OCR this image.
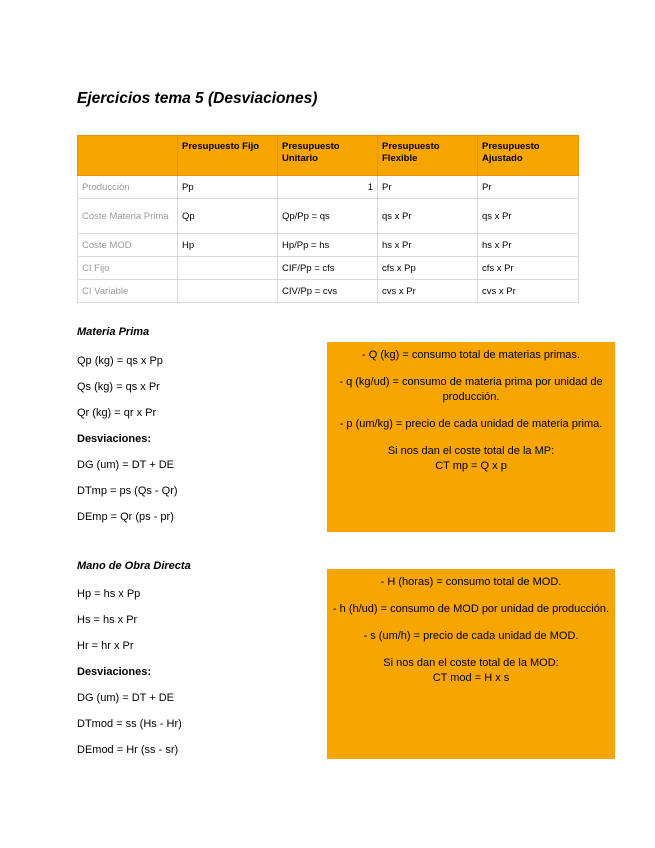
Ejercicios tema 5 (Desviaciones)
	Presupuesto Fijo	Presupuesto Unitario	Presupuesto Flexible	Presupuesto Ajustado
Producción	Pp	1	Pr	Pr
Coste Materia Prima	Qp	Qp/Pp = qs	qs x Pr	qs x Pr
Coste MOD	Hp	Hp/Pp = hs	hs x Pr	hs x Pr
CI Fijo		CIF/Pp = cfs	cfs x Pp	cfs x Pr
CI Variable		CIV/Pp = cvs	cvs x Pr	cvs x Pr
Materia Prima
Qp (kg) = qs x Pp
Qs (kg) = qs x Pr
Qr (kg) = qr x Pr
Desviaciones:
DG (um) = DT + DE
DTmp = ps (Qs - Qr)
DEmp = Qr (ps - pr)

- Q (kg) = consumo total de materias primas.

- q (kg/ud) = consumo de materia prima por unidad de producción.

- p (um/kg) = precio de cada unidad de materia prima.

Si nos dan el coste total de la MP:

CT mp = Q x p

Mano de Obra Directa
Hp = hs x Pp
Hs = hs x Pr
Hr = hr x Pr
Desviaciones:
DG (um) = DT + DE
DTmod = ss (Hs - Hr)
DEmod = Hr (ss - sr)

- H (horas) = consumo total de MOD.

- h (h/ud) = consumo de MOD por unidad de producción.

- s (um/h) = precio de cada unidad de MOD.

Si nos dan el coste total de la MOD:

CT mod = H x s
